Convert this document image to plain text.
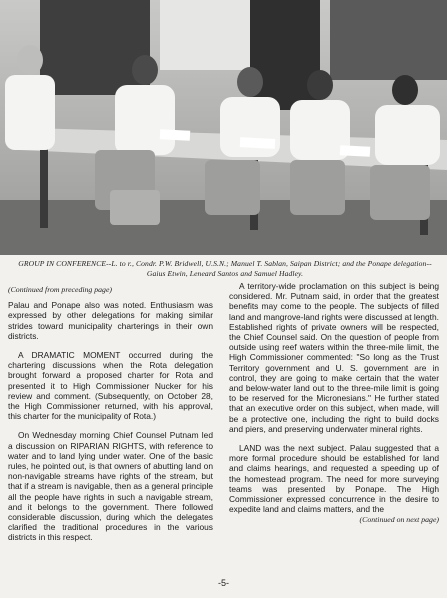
GROUP IN CONFERENCE--L. to r., Condr. P.W. Bridwell, U.S.N.; Manuel T. Sablan, Saipan District; and the Ponape delegation--Gaius Etwin, Leneard Santos and Samuel Hadley.
(Continued from preceding page)

Palau and Ponape also was noted. Enthusiasm was expressed by other delegations for making similar strides toward municipality charterings in their own districts.

A DRAMATIC MOMENT occurred during the chartering discussions when the Rota delegation brought forward a proposed charter for Rota and presented it to High Commissioner Nucker for his review and comment. (Subsequently, on October 28, the High Commissioner returned, with his approval, this charter for the municipality of Rota.)

On Wednesday morning Chief Counsel Putnam led a discussion on RIPARIAN RIGHTS, with reference to water and to land lying under water. One of the basic rules, he pointed out, is that owners of abutting land on non-navigable streams have rights of the stream, but that if a stream is navigable, then as a general principle all the people have rights in such a navigable stream, and it belongs to the government. There followed considerable discussion, during which the delegates clarified the traditional procedures in the various districts in this respect.

A territory-wide proclamation on this subject is being considered. Mr. Putnam said, in order that the greatest benefits may come to the people. The subjects of filled land and mangrove-land rights were discussed at length. Established rights of private owners will be respected, the Chief Counsel said. On the question of people from outside using reef waters within the three-mile limit, the High Commissioner commented: "So long as the Trust Territory government and U. S. government are in control, they are going to make certain that the water and below-water land out to the three-mile limit is going to be reserved for the Micronesians." He further stated that an executive order on this subject, when made, will be a protective one, including the right to build docks and piers, and preserving underwater mineral rights.

LAND was the next subject. Palau suggested that a more formal procedure should be established for land and claims hearings, and requested a speeding up of the homestead program. The need for more surveying teams was presented by Ponape. The High Commissioner expressed concurrence in the desire to expedite land and claims matters, and the

(Continued on next page)
-5-
